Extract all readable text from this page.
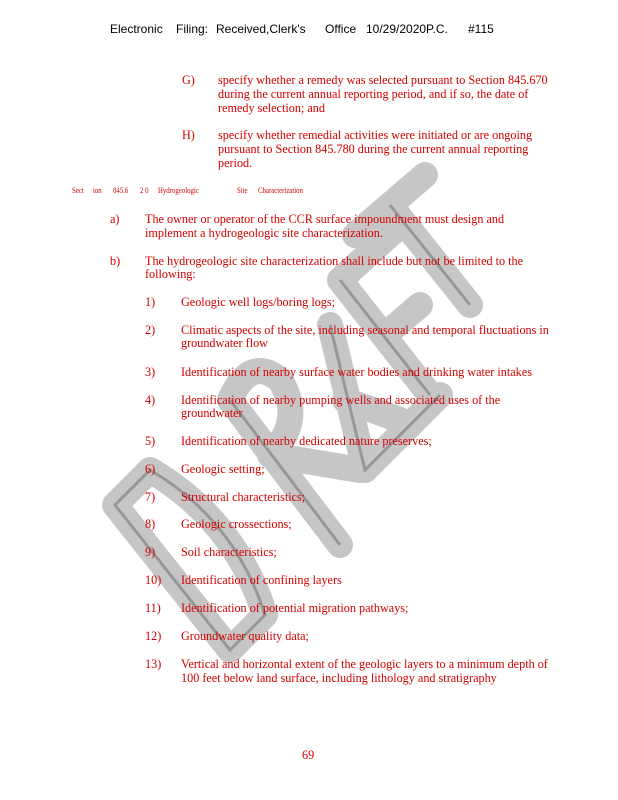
Electronic Filing: Received,Clerk's Office 10/29/2020P.C. #115
G) specify whether a remedy was selected pursuant to Section 845.670
during the current annual reporting period, and if so, the date of
remedy selection; and
H) specify whether remedial activities were initiated or are ongoing
pursuant to Section 845.780 during the current annual reporting
period.
Sect ion 845.6 2 0 Hydrogeologic	Site Characterization
a) The owner or operator of the CCR surface impoundment must design and
implement a hydrogeologic site characterization.
b) The hydrogeologic site characterization shall include but not be limited to the
following:
1) Geologic well logs/boring logs;
2) Climatic aspects of the site, including seasonal and temporal fluctuations in
groundwater flow
3) Identification of nearby surface water bodies and drinking water intakes
4) Identification of nearby pumping wells and associated uses of the
groundwater
5) Identification of nearby dedicated nature preserves;
6) Geologic setting;
7) Structural characteristics;
8) Geologic crossections;
9) Soil characteristics;
10) Identification of confining layers
11) Identification of potential migration pathways;
12) Groundwater quality data;
13) Vertical and horizontal extent of the geologic layers to a minimum depth of
100 feet below land surface, including lithology and stratigraphy
69
